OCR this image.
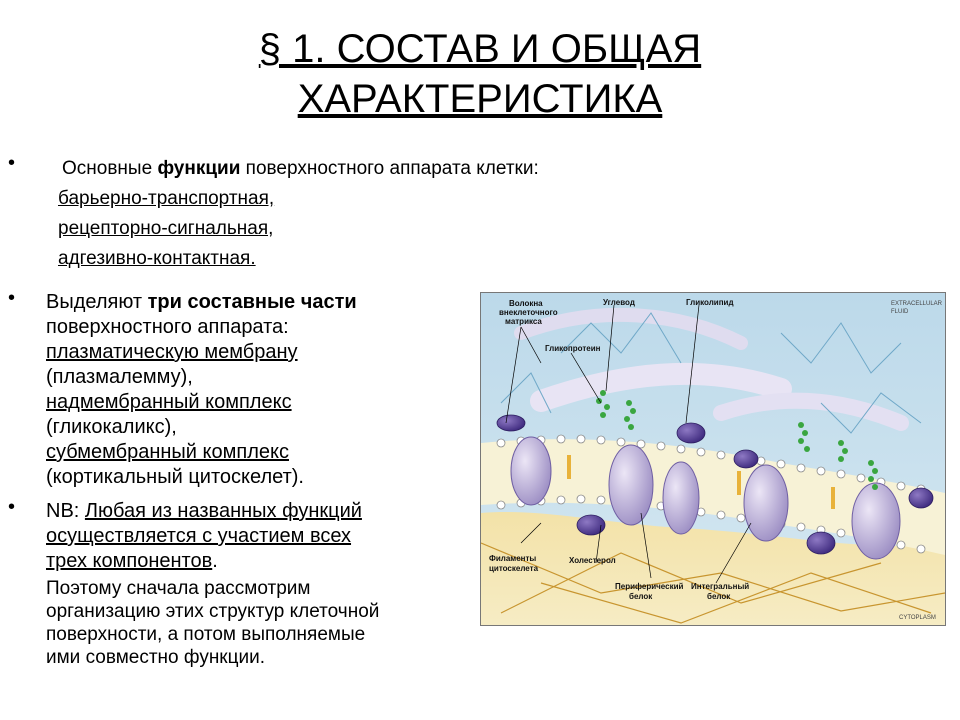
§ 1. СОСТАВ И ОБЩАЯ
ХАРАКТЕРИСТИКА
• Основные функции поверхностного аппарата клетки:
барьерно-транспортная,
рецепторно-сигнальная,
адгезивно-контактная.
• Выделяют три составные части
поверхностного аппарата:
плазматическую мембрану
(плазмалемму),
надмембранный комплекс
(гликокаликс),
субмембранный комплекс
(кортикальный цитоскелет).
• NB: Любая из названных функций
осуществляется с участием всех
трех компонентов.
Поэтому сначала рассмотрим
организацию этих структур клеточной
поверхности, а потом выполняемые
ими совместно функции.
Волокна
внеклеточного
матрикса
Углевод	Гликолипид	EXTRACELLULAR
FLUID
Гликопротеин
Филаменты
цитоскелета
Холестерол
Периферический
белок
Интегральный
белок
CYTOPLASM
